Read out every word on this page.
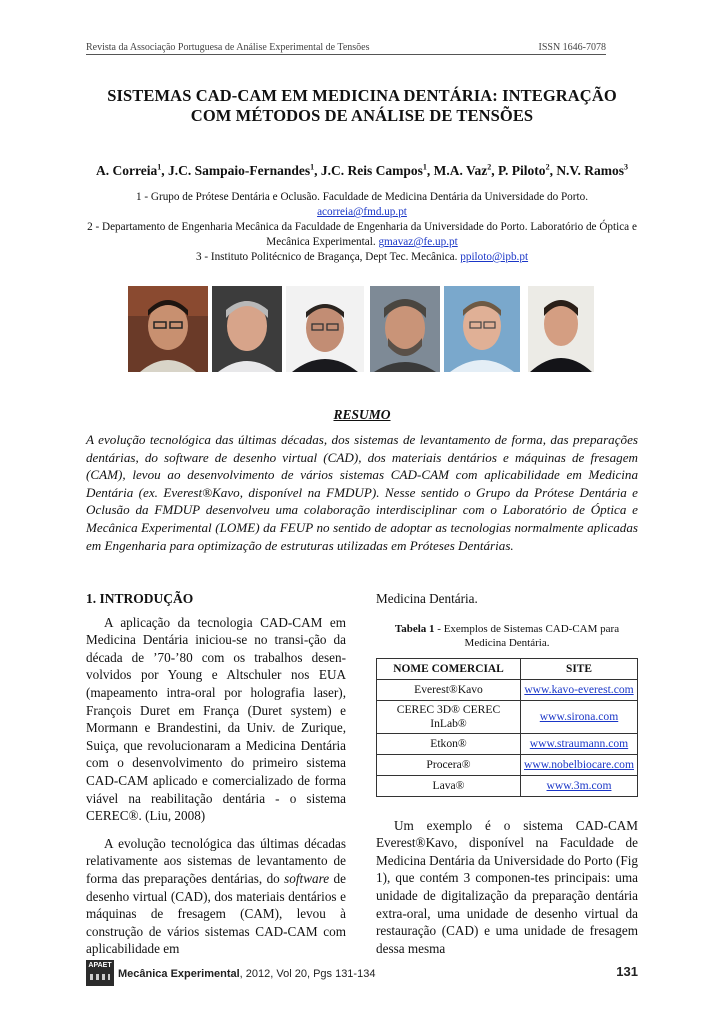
Revista da Associação Portuguesa de Análise Experimental de Tensões	ISSN 1646-7078
SISTEMAS CAD-CAM EM MEDICINA DENTÁRIA: INTEGRAÇÃO
COM MÉTODOS DE ANÁLISE DE TENSÕES
A. Correia$^1$, J.C. Sampaio-Fernandes$^1$, J.C. Reis Campos$^1$, M.A. Vaz$^2$, P. Piloto$^2$, N.V. Ramos$^3$
1 - Grupo de Prótese Dentária e Oclusão. Faculdade de Medicina Dentária da Universidade do Porto.
acorreia@fmd.up.pt
2 - Departamento de Engenharia Mecânica da Faculdade de Engenharia da Universidade do Porto. Laboratório de Óptica e Mecânica Experimental. gmavaz@fe.up.pt
3 - Instituto Politécnico de Bragança, Dept Tec. Mecânica. ppiloto@ipb.pt
RESUMO
A evolução tecnológica das últimas décadas, dos sistemas de levantamento de forma, das preparações dentárias, do software de desenho virtual (CAD), dos materiais dentários e máquinas de fresagem (CAM), levou ao desenvolvimento de vários sistemas CAD-CAM com aplicabilidade em Medicina Dentária (ex. Everest®Kavo, disponível na FMDUP). Nesse sentido o Grupo da Prótese Dentária e Oclusão da FMDUP desenvolveu uma colaboração interdisciplinar com o Laboratório de Óptica e Mecânica Experimental (LOME) da FEUP no sentido de adoptar as tecnologias normalmente aplicadas em Engenharia para optimização de estruturas utilizadas em Próteses Dentárias.
1. INTRODUÇÃO

A aplicação da tecnologia CAD-CAM em Medicina Dentária iniciou-se no transi-ção da década de ’70-’80 com os trabalhos desen-volvidos por Young e Altschuler nos EUA (mapeamento intra-oral por holografia laser), François Duret em França (Duret system) e Mormann e Brandestini, da Univ. de Zurique, Suiça, que revolucionaram a Medicina Dentária com o desenvolvimento do primeiro sistema CAD-CAM aplicado e comercializado de forma viável na reabilitação dentária - o sistema CEREC®. (Liu, 2008)

A evolução tecnológica das últimas décadas relativamente aos sistemas de levantamento de forma das preparações dentárias, do software de desenho virtual (CAD), dos materiais dentários e máquinas de fresagem (CAM), levou à construção de vários sistemas CAD-CAM com aplicabilidade em

Medicina Dentária.
Tabela 1 - Exemplos de Sistemas CAD-CAM para Medicina Dentária.
NOME COMERCIAL	SITE
Everest®Kavo	www.kavo-everest.com
CEREC 3D® CEREC InLab®	www.sirona.com
Etkon®	www.straumann.com
Procera®	www.nobelbiocare.com
Lava®	www.3m.com

Um exemplo é o sistema CAD-CAM Everest®Kavo, disponível na Faculdade de Medicina Dentária da Universidade do Porto (Fig 1), que contém 3 componen-tes principais: uma unidade de digitalização da preparação dentária extra-oral, uma unidade de desenho virtual da restauração (CAD) e uma unidade de fresagem dessa mesma

APAET
Mecânica Experimental, 2012, Vol 20, Pgs 131-134	131
